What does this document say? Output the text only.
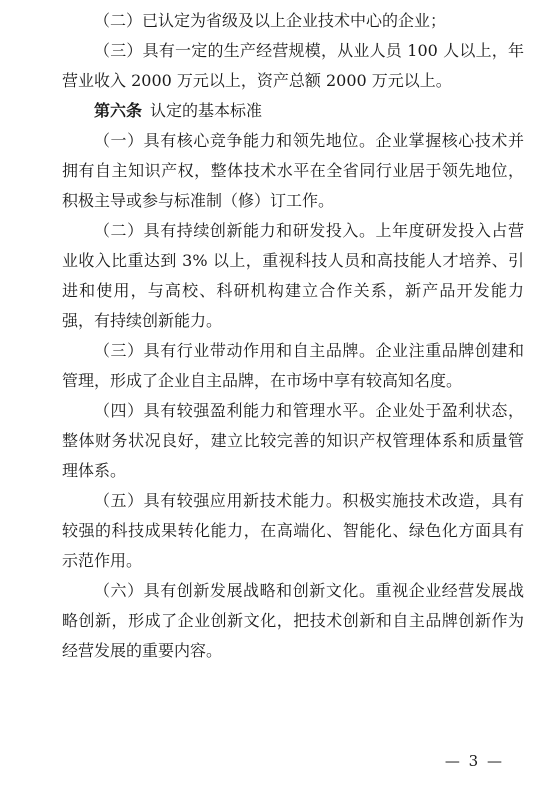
（二）已认定为省级及以上企业技术中心的企业；

（三）具有一定的生产经营规模，从业人员 100 人以上，年营业收入 2000 万元以上，资产总额 2000 万元以上。

第六条 认定的基本标准

（一）具有核心竞争能力和领先地位。企业掌握核心技术并拥有自主知识产权，整体技术水平在全省同行业居于领先地位，积极主导或参与标准制（修）订工作。

（二）具有持续创新能力和研发投入。上年度研发投入占营业收入比重达到 3% 以上，重视科技人员和高技能人才培养、引进和使用，与高校、科研机构建立合作关系，新产品开发能力强，有持续创新能力。

（三）具有行业带动作用和自主品牌。企业注重品牌创建和管理，形成了企业自主品牌，在市场中享有较高知名度。

（四）具有较强盈利能力和管理水平。企业处于盈利状态，整体财务状况良好，建立比较完善的知识产权管理体系和质量管理体系。

（五）具有较强应用新技术能力。积极实施技术改造，具有较强的科技成果转化能力，在高端化、智能化、绿色化方面具有示范作用。

（六）具有创新发展战略和创新文化。重视企业经营发展战略创新，形成了企业创新文化，把技术创新和自主品牌创新作为经营发展的重要内容。

— 3 —
